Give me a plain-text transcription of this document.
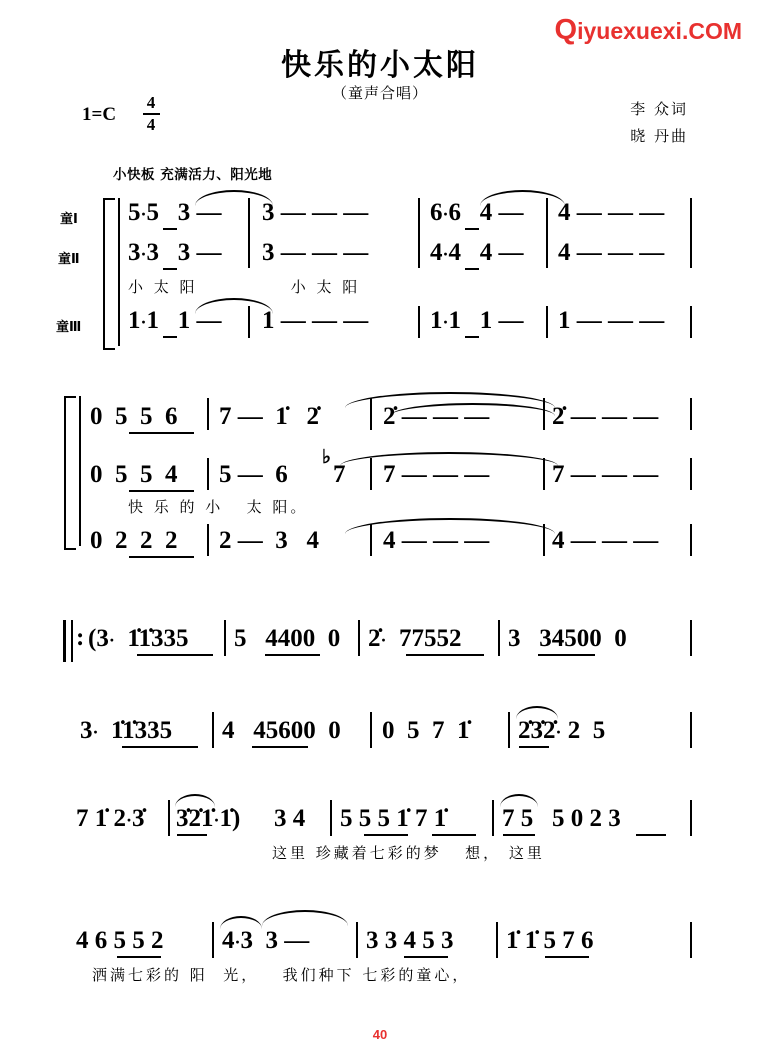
Qiyuexuexi.COM
快乐的小太阳
（童声合唱）
1=C
4
4
李 众词
晓 丹曲
小快板 充满活力、阳光地
童Ⅰ
童Ⅱ
童Ⅲ
5·5   3 — 3 — — — 6·6   4 — 4 — — —
3·3   3 — 3 — — — 4·4   4 — 4 — — —
小 太 阳            小 太 阳
1·1   1 — 1 — — — 1·1   1 — 1 — — —
0  5  5  6 7 —  1̇   2̇	2̇ — — —	2̇ — — —
0  5  5  4 5 —  6
♭
7 7 — — —	7 — — —
快 乐 的 小   太 阳。
0  2  2  2 2 —  3   4	4 — — —	4 — — —
: (3·  1̇1̇335 5   4400  0 2̇·  77552 3   34500  0
3·  1̇1̇335 4   45600  0 0  5  7  1̇ 2̇3̇2̇· 2  5
7 1̇ 2·3̇ 3̇2̇1̇·1̇) 3 4 5 5 5 1̇ 7 1̇ 7 5   5 0 2 3
这里 珍藏着七彩的梦   想， 这里
4 6 5 5 2 4·3  3 — 3 3 4 5 3 1̇ 1̇ 5 7 6
洒满七彩的 阳  光，   我们种下 七彩的童心，
40
